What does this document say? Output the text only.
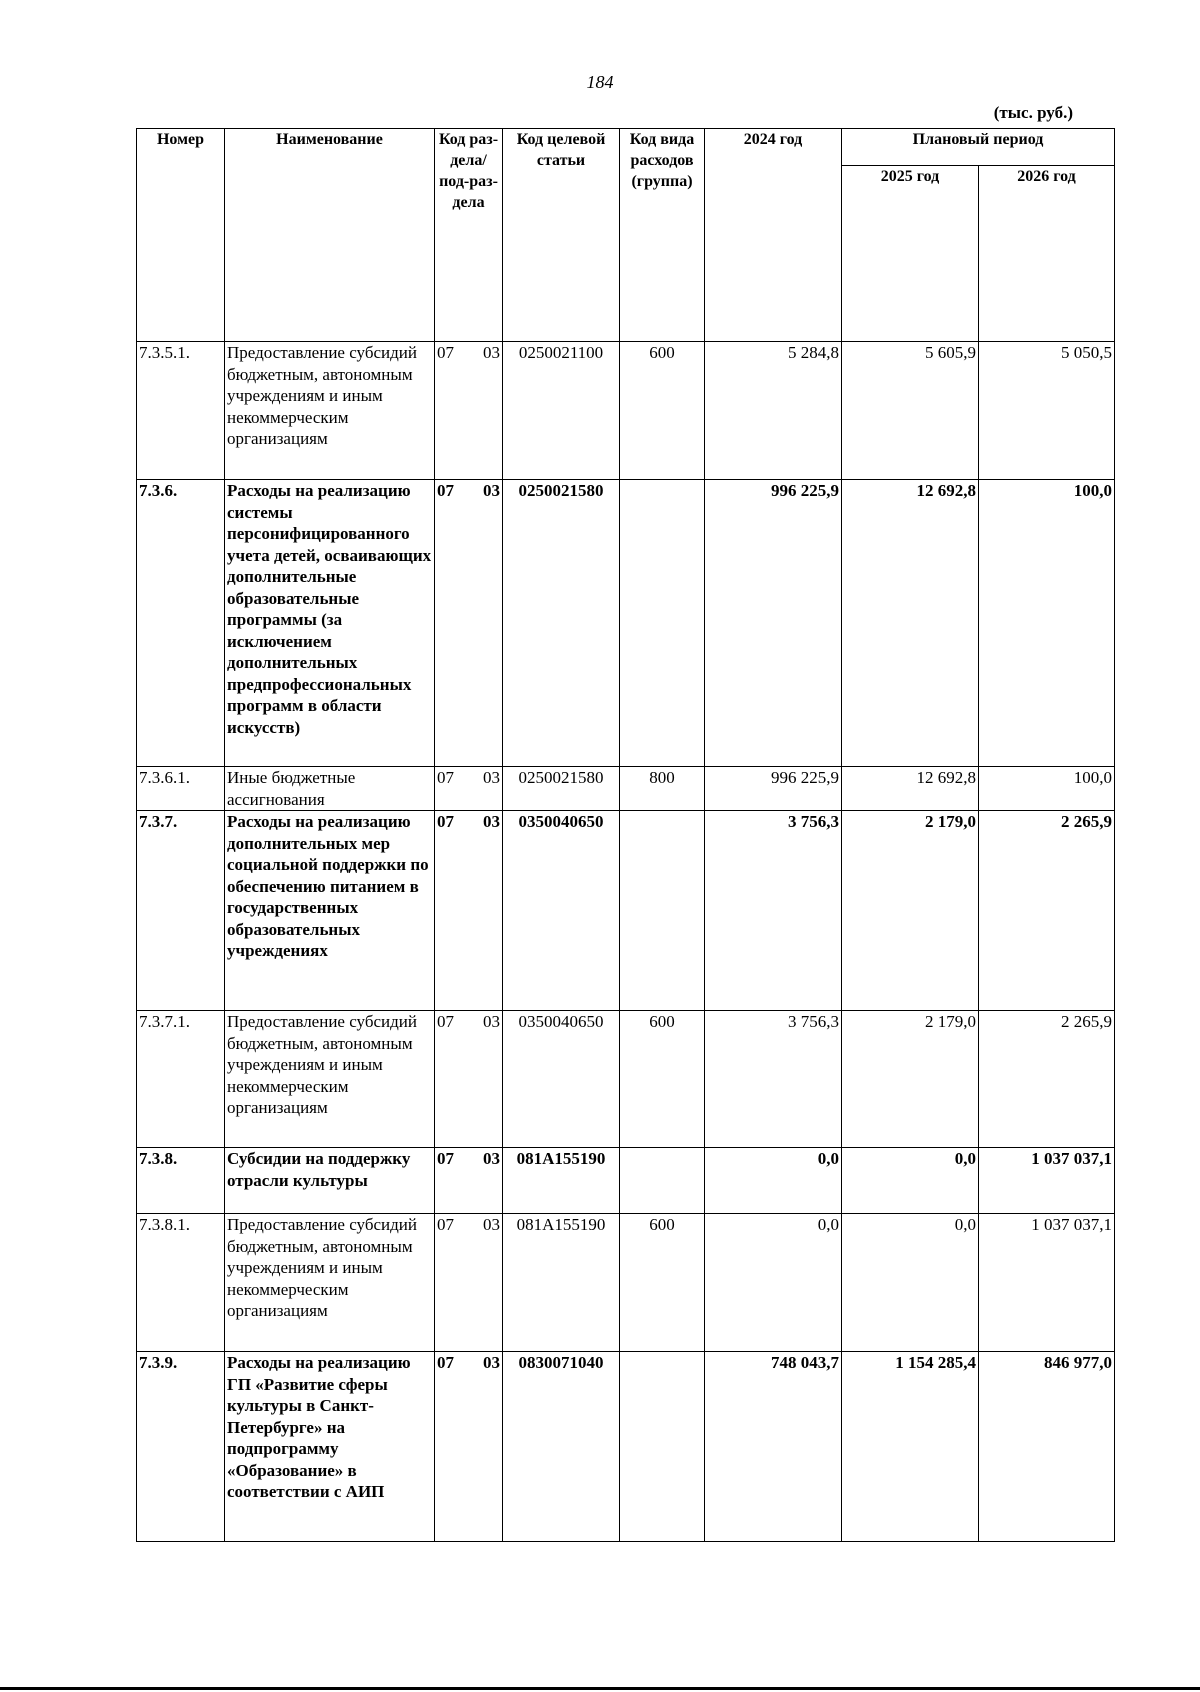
184
(тыс. руб.)
Номер	Наименование	Код раз-дела/ под-раз-дела	Код целевой статьи	Код вида расходов (группа)	2024 год	Плановый период	
						2025 год	2026 год
7.3.5.1.	Предоставление субсидий бюджетным, автономным учреждениям и иным некоммерческим организациям	07 03	0250021100	600	5 284,8	5 605,9	5 050,5
7.3.6.	Расходы на реализацию системы персонифицированного учета детей, осваивающих дополнительные образовательные программы (за исключением дополнительных предпрофессиональных программ в области искусств)	07 03	0250021580		996 225,9	12 692,8	100,0
7.3.6.1.	Иные бюджетные ассигнования	07 03	0250021580	800	996 225,9	12 692,8	100,0
7.3.7.	Расходы на реализацию дополнительных мер социальной поддержки по обеспечению питанием в государственных образовательных учреждениях	07 03	0350040650		3 756,3	2 179,0	2 265,9
7.3.7.1.	Предоставление субсидий бюджетным, автономным учреждениям и иным некоммерческим организациям	07 03	0350040650	600	3 756,3	2 179,0	2 265,9
7.3.8.	Субсидии на поддержку отрасли культуры	07 03	081А155190		0,0	0,0	1 037 037,1
7.3.8.1.	Предоставление субсидий бюджетным, автономным учреждениям и иным некоммерческим организациям	07 03	081А155190	600	0,0	0,0	1 037 037,1
7.3.9.	Расходы на реализацию ГП «Развитие сферы культуры в Санкт-Петербурге» на подпрограмму «Образование» в соответствии с АИП	07 03	0830071040		748 043,7	1 154 285,4	846 977,0
